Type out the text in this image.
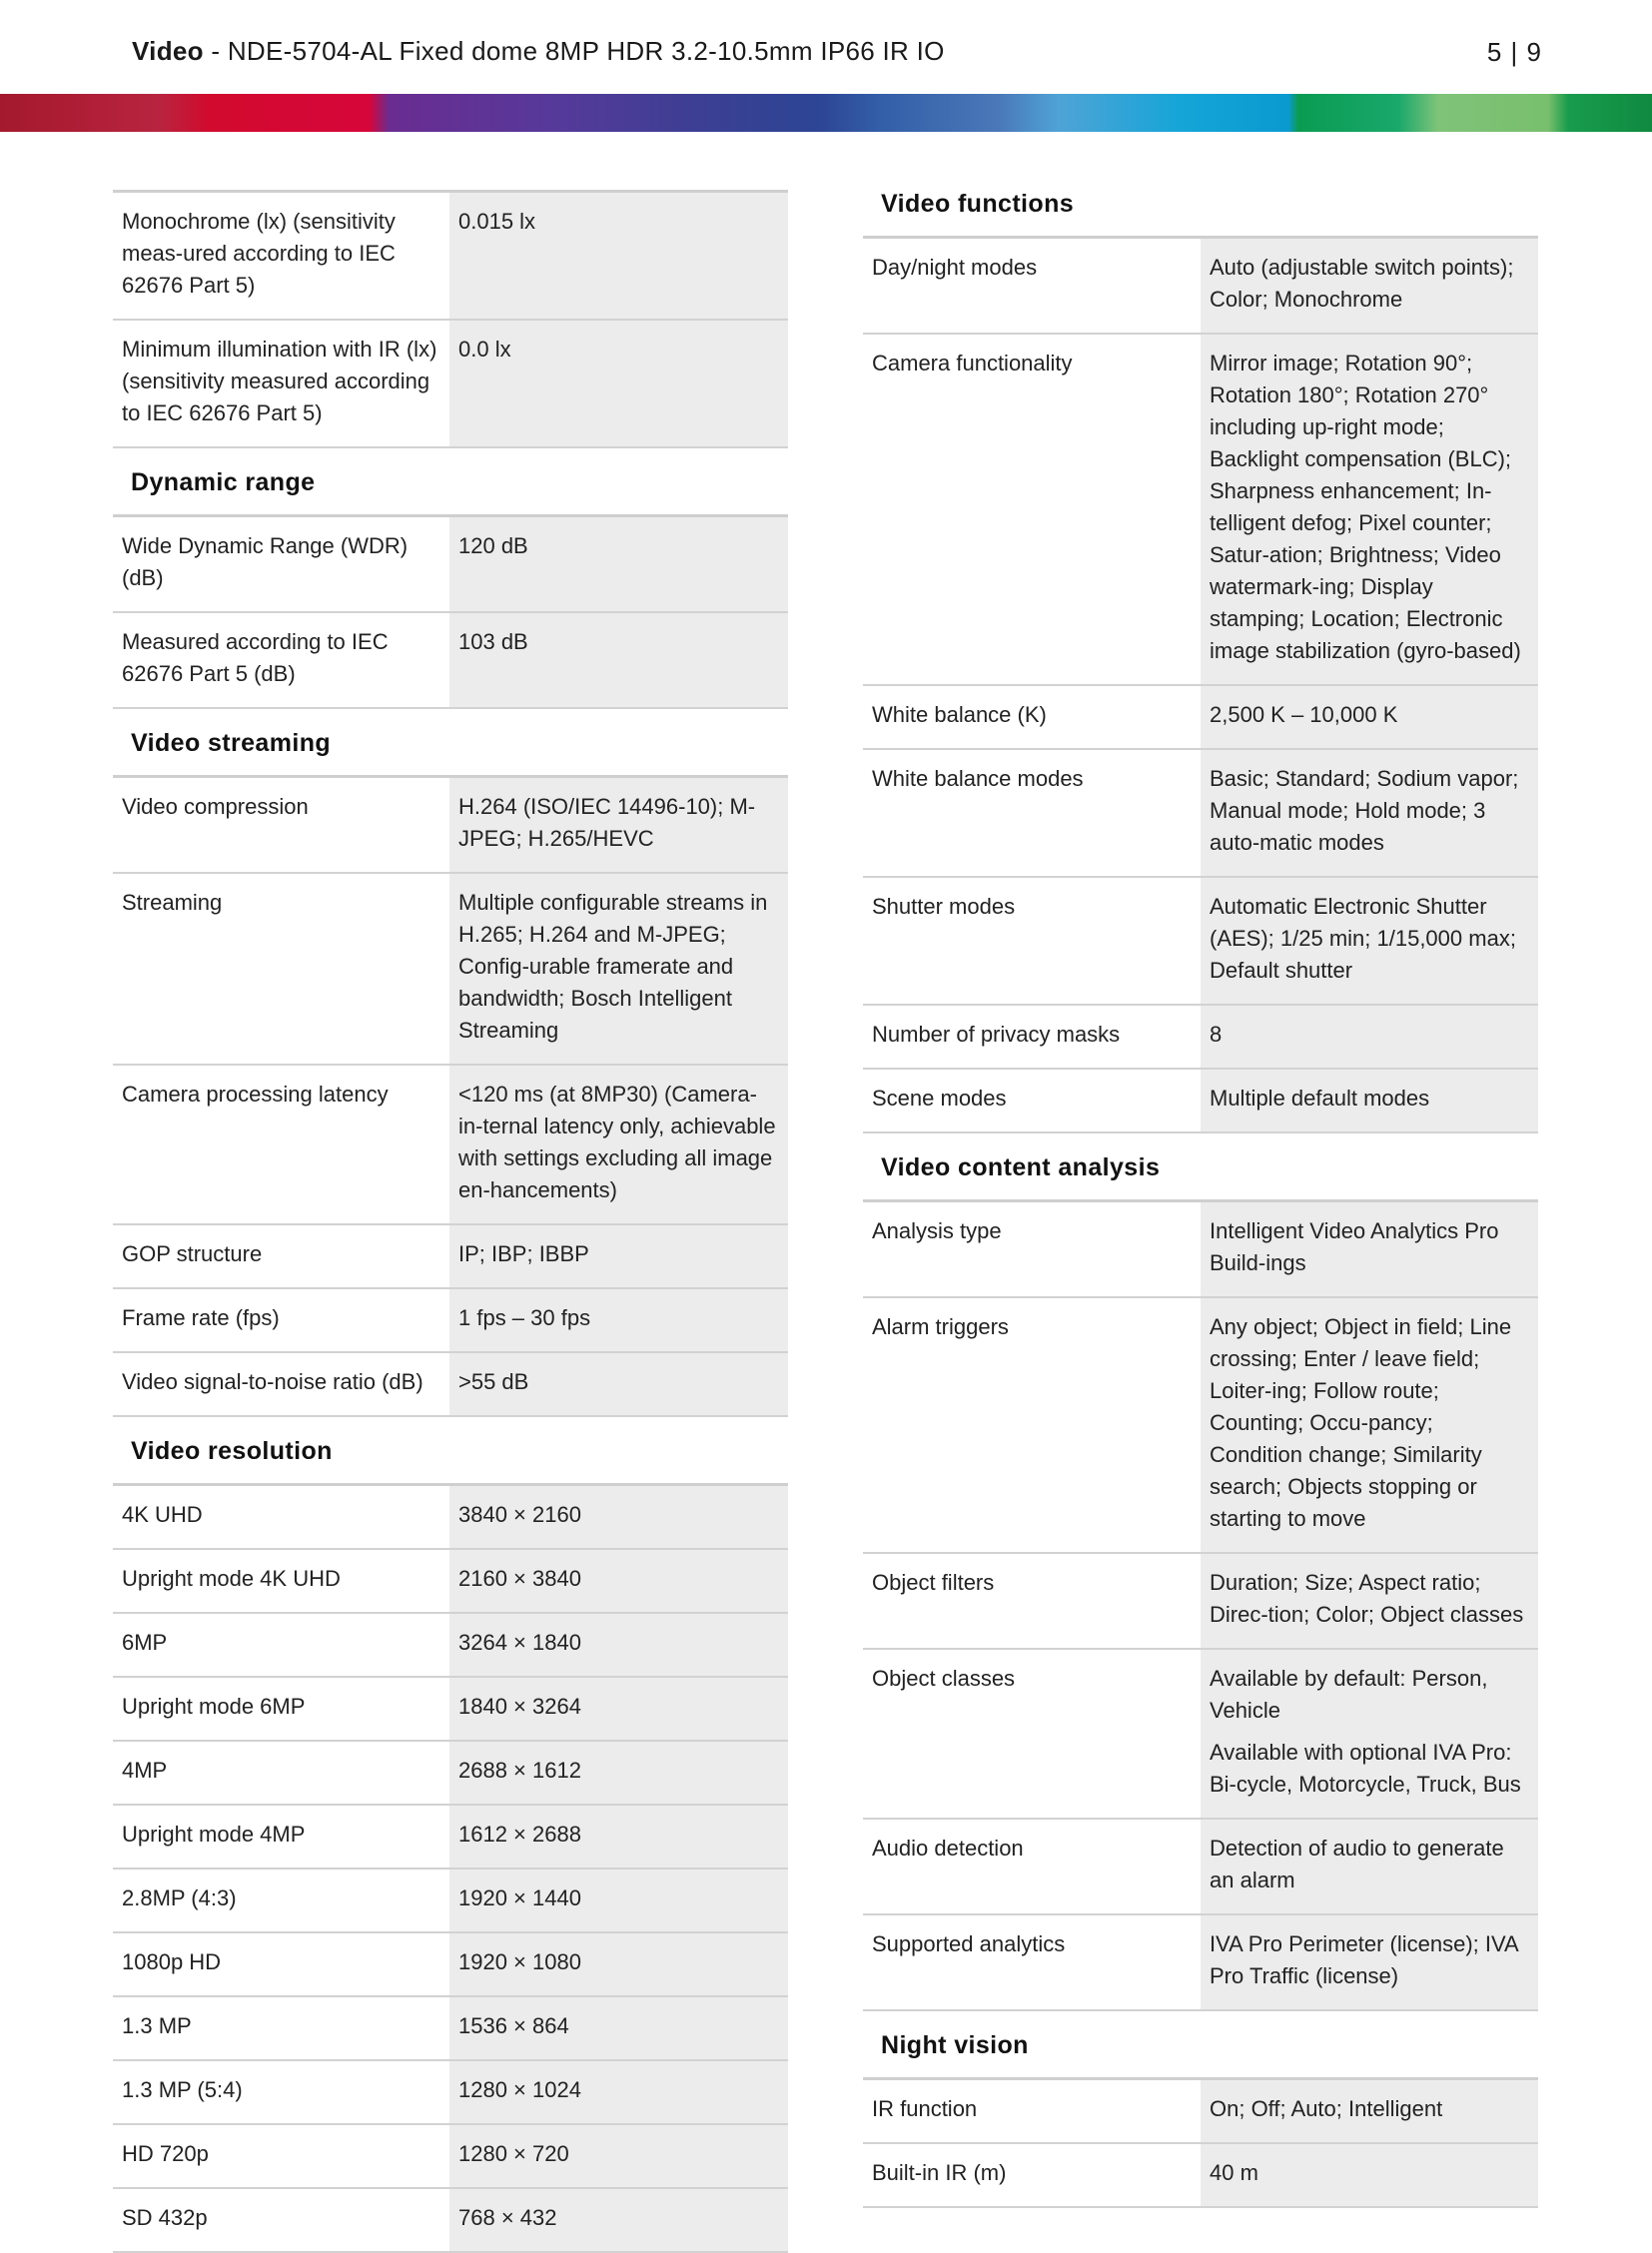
Video - NDE-5704-AL Fixed dome 8MP HDR 3.2-10.5mm IP66 IR IO	5 | 9
Monochrome (lx) (sensitivity meas-ured according to IEC 62676 Part 5)	0.015 lx
Minimum illumination with IR (lx) (sensitivity measured according to IEC 62676 Part 5)	0.0 lx
Dynamic range	
Wide Dynamic Range (WDR) (dB)	120 dB
Measured according to IEC 62676 Part 5 (dB)	103 dB
Video streaming	
Video compression	H.264 (ISO/IEC 14496-10); M-JPEG; H.265/HEVC
Streaming	Multiple configurable streams in H.265; H.264 and M-JPEG; Config-urable framerate and bandwidth; Bosch Intelligent Streaming
Camera processing latency	<120 ms (at 8MP30) (Camera-in-ternal latency only, achievable with settings excluding all image en-hancements)
GOP structure	IP; IBP; IBBP
Frame rate (fps)	1 fps – 30 fps
Video signal-to-noise ratio (dB)	>55 dB
Video resolution	
4K UHD	3840 × 2160
Upright mode 4K UHD	2160 × 3840
6MP	3264 × 1840
Upright mode 6MP	1840 × 3264
4MP	2688 × 1612
Upright mode 4MP	1612 × 2688
2.8MP (4:3)	1920 × 1440
1080p HD	1920 × 1080
1.3 MP	1536 × 864
1.3 MP (5:4)	1280 × 1024
HD 720p	1280 × 720
SD 432p	768 × 432
Video functions	
Day/night modes	Auto (adjustable switch points); Color; Monochrome
Camera functionality	Mirror image; Rotation 90°; Rotation 180°; Rotation 270° including up-right mode; Backlight compensation (BLC); Sharpness enhancement; In-telligent defog; Pixel counter; Satur-ation; Brightness; Video watermark-ing; Display stamping; Location; Electronic image stabilization (gyro-based)
White balance (K)	2,500 K – 10,000 K
White balance modes	Basic; Standard; Sodium vapor; Manual mode; Hold mode; 3 auto-matic modes
Shutter modes	Automatic Electronic Shutter (AES); 1/25 min; 1/15,000 max; Default shutter
Number of privacy masks	8
Scene modes	Multiple default modes
Video content analysis	
Analysis type	Intelligent Video Analytics Pro Build-ings
Alarm triggers	Any object; Object in field; Line crossing; Enter / leave field; Loiter-ing; Follow route; Counting; Occu-pancy; Condition change; Similarity search; Objects stopping or starting to move
Object filters	Duration; Size; Aspect ratio; Direc-tion; Color; Object classes
Object classes	Available by default: Person, Vehicle
Available with optional IVA Pro: Bi-cycle, Motorcycle, Truck, Bus

Audio detection	Detection of audio to generate an alarm
Supported analytics	IVA Pro Perimeter (license); IVA Pro Traffic (license)
Night vision	
IR function	On; Off; Auto; Intelligent
Built-in IR (m)	40 m
